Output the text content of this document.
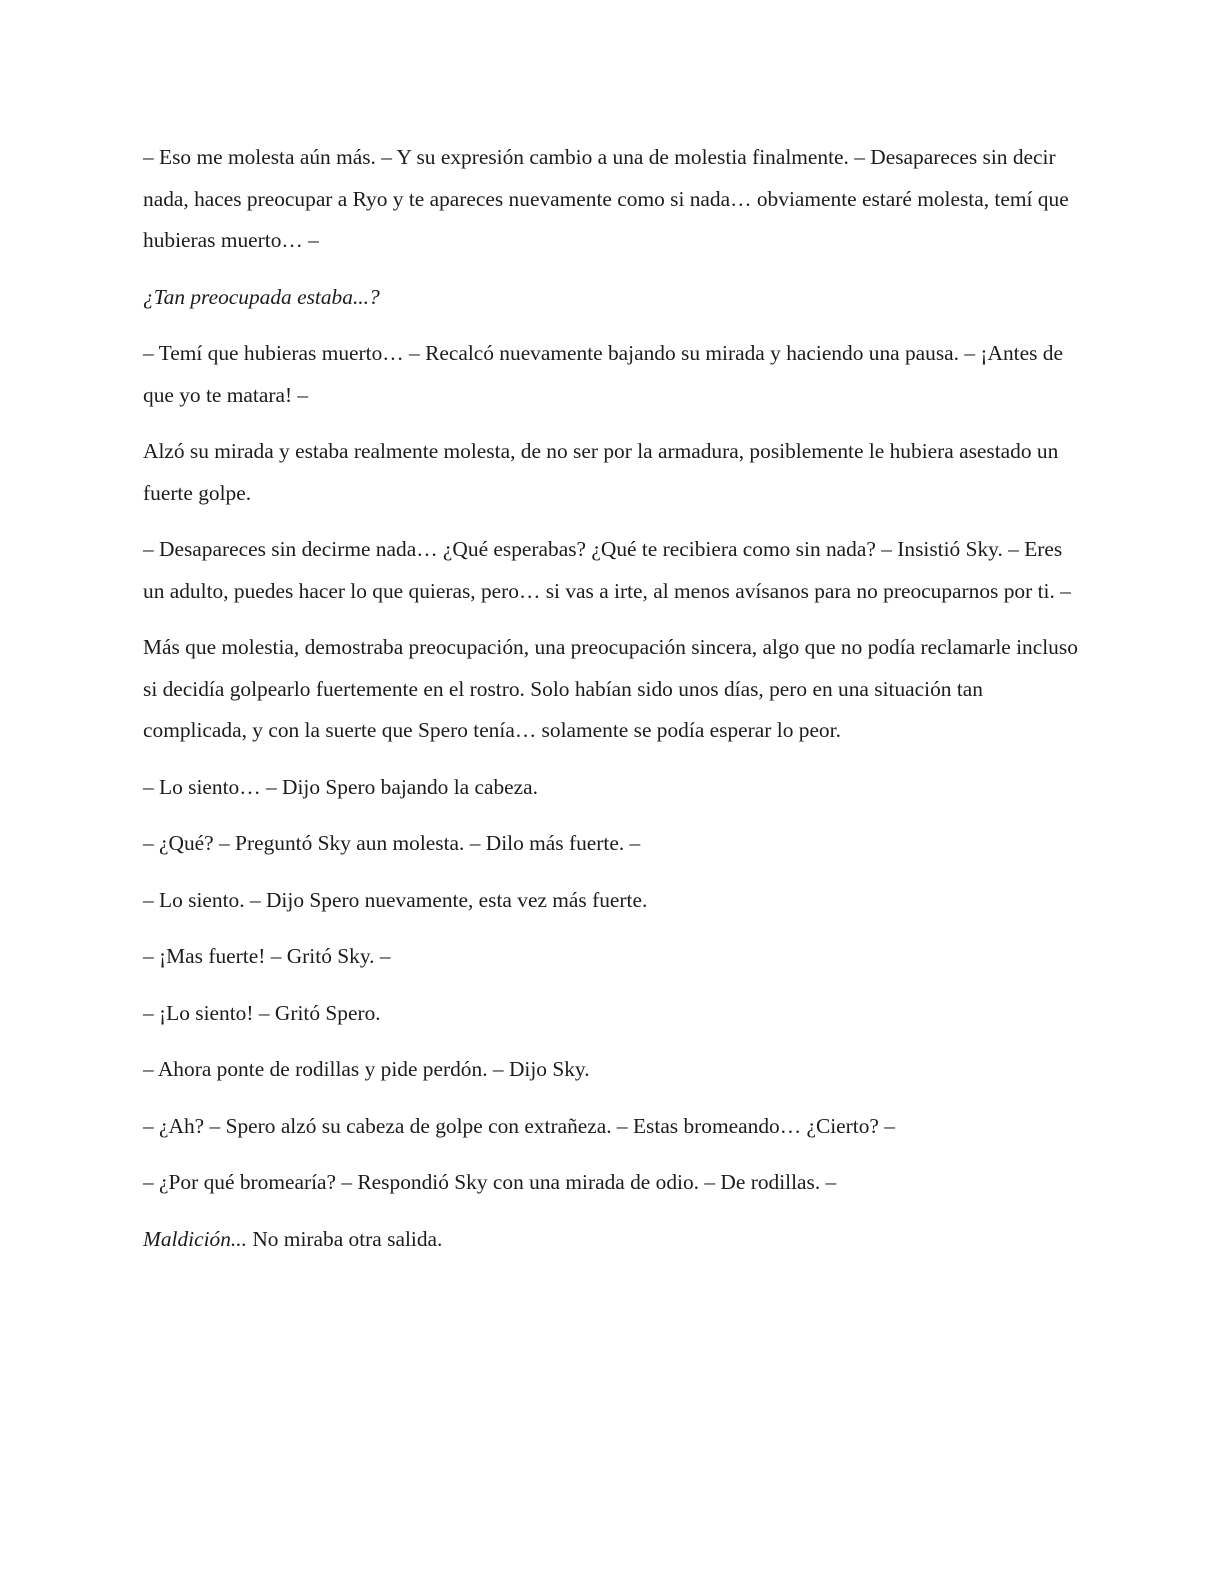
– Eso me molesta aún más. – Y su expresión cambio a una de molestia finalmente. – Desapareces sin decir nada, haces preocupar a Ryo y te apareces nuevamente como si nada… obviamente estaré molesta, temí que hubieras muerto… –

¿Tan preocupada estaba...?

– Temí que hubieras muerto… – Recalcó nuevamente bajando su mirada y haciendo una pausa. – ¡Antes de que yo te matara! –

Alzó su mirada y estaba realmente molesta, de no ser por la armadura, posiblemente le hubiera asestado un fuerte golpe.

– Desapareces sin decirme nada… ¿Qué esperabas? ¿Qué te recibiera como sin nada? – Insistió Sky. – Eres un adulto, puedes hacer lo que quieras, pero… si vas a irte, al menos avísanos para no preocuparnos por ti. –

Más que molestia, demostraba preocupación, una preocupación sincera, algo que no podía reclamarle incluso si decidía golpearlo fuertemente en el rostro. Solo habían sido unos días, pero en una situación tan complicada, y con la suerte que Spero tenía… solamente se podía esperar lo peor.

– Lo siento… – Dijo Spero bajando la cabeza.

– ¿Qué? – Preguntó Sky aun molesta. – Dilo más fuerte. –

– Lo siento. – Dijo Spero nuevamente, esta vez más fuerte.

– ¡Mas fuerte! – Gritó Sky. –

– ¡Lo siento! – Gritó Spero.

– Ahora ponte de rodillas y pide perdón. – Dijo Sky.

– ¿Ah? – Spero alzó su cabeza de golpe con extrañeza. – Estas bromeando… ¿Cierto? –

– ¿Por qué bromearía? – Respondió Sky con una mirada de odio. – De rodillas. –

Maldición... No miraba otra salida.
